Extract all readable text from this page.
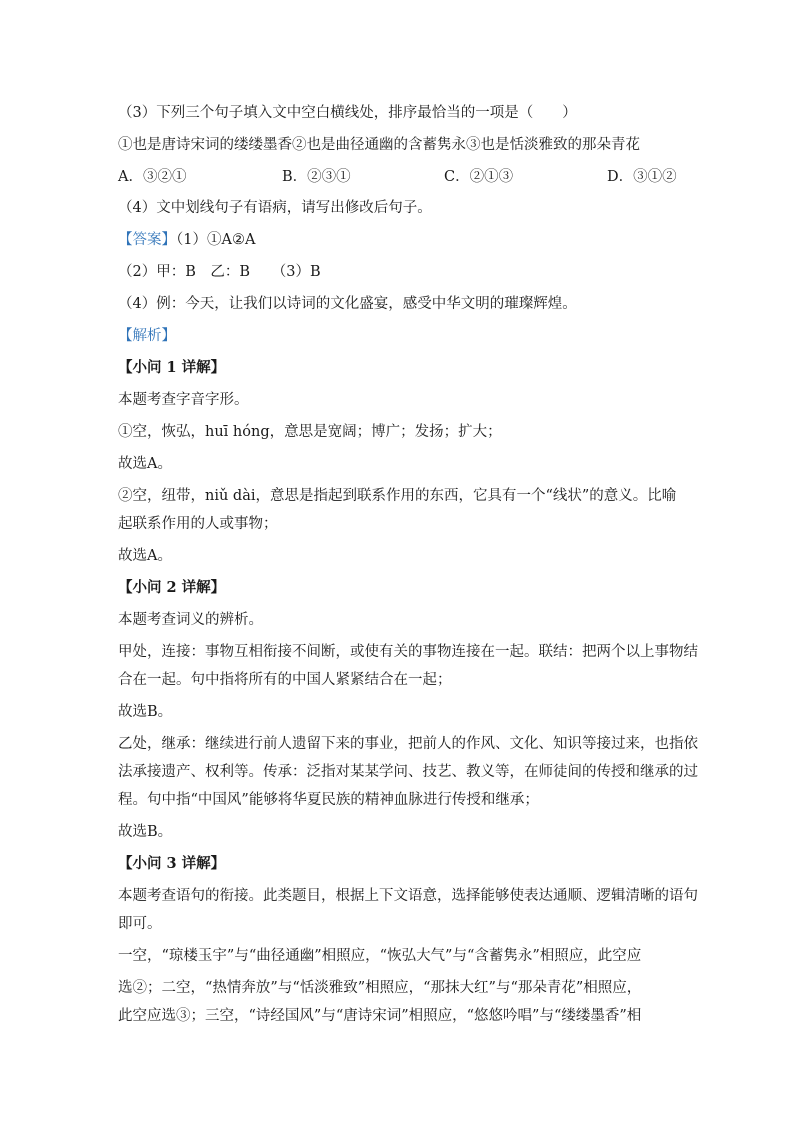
（3）下列三个句子填入文中空白横线处，排序最恰当的一项是（　　）
①也是唐诗宋词的缕缕墨香②也是曲径通幽的含蓄隽永③也是恬淡雅致的那朵青花
A．③②①	B．②③①	C．②①③	D．③①②
（4）文中划线句子有语病，请写出修改后句子。
【答案】（1）①A②A
（2）甲：B　乙：B　　（3）B
（4）例：今天，让我们以诗词的文化盛宴，感受中华文明的璀璨辉煌。
【解析】
【小问 1 详解】
本题考查字音字形。
①空，恢弘，huī hóng，意思是宽阔；博广；发扬；扩大；
故选A。
②空，纽带，niǔ dài，意思是指起到联系作用的东西，它具有一个“线状”的意义。比喻
起联系作用的人或事物；
故选A。
【小问 2 详解】
本题考查词义的辨析。
甲处，连接：事物互相衔接不间断，或使有关的事物连接在一起。联结：把两个以上事物结
合在一起。句中指将所有的中国人紧紧结合在一起；
故选B。
乙处，继承：继续进行前人遗留下来的事业，把前人的作风、文化、知识等接过来，也指依
法承接遗产、权利等。传承：泛指对某某学问、技艺、教义等，在师徒间的传授和继承的过
程。句中指“中国风”能够将华夏民族的精神血脉进行传授和继承；
故选B。
【小问 3 详解】
本题考查语句的衔接。此类题目，根据上下文语意，选择能够使表达通顺、逻辑清晰的语句
即可。
一空，“琼楼玉宇”与“曲径通幽”相照应，“恢弘大气”与“含蓄隽永”相照应，此空应
选②；二空，“热情奔放”与“恬淡雅致”相照应，“那抹大红”与“那朵青花”相照应，
此空应选③；三空，“诗经国风”与“唐诗宋词”相照应，“悠悠吟唱”与“缕缕墨香”相
